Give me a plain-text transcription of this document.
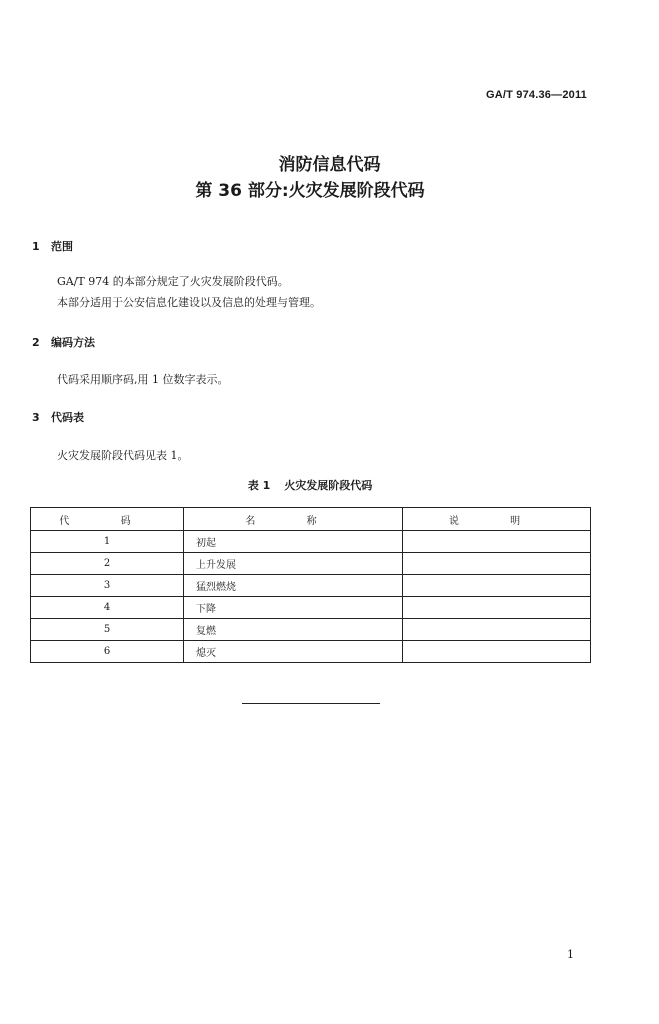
GA/T 974.36—2011
消防信息代码
第 36 部分:火灾发展阶段代码
1 范围
GA/T 974 的本部分规定了火灾发展阶段代码。
本部分适用于公安信息化建设以及信息的处理与管理。
2 编码方法
代码采用顺序码,用 1 位数字表示。
3 代码表
火灾发展阶段代码见表 1。
表 1 火灾发展阶段代码
代 码	名 称	说 明
1	初起	
2	上升发展	
3	猛烈燃烧	
4	下降	
5	复燃	
6	熄灭	
1
